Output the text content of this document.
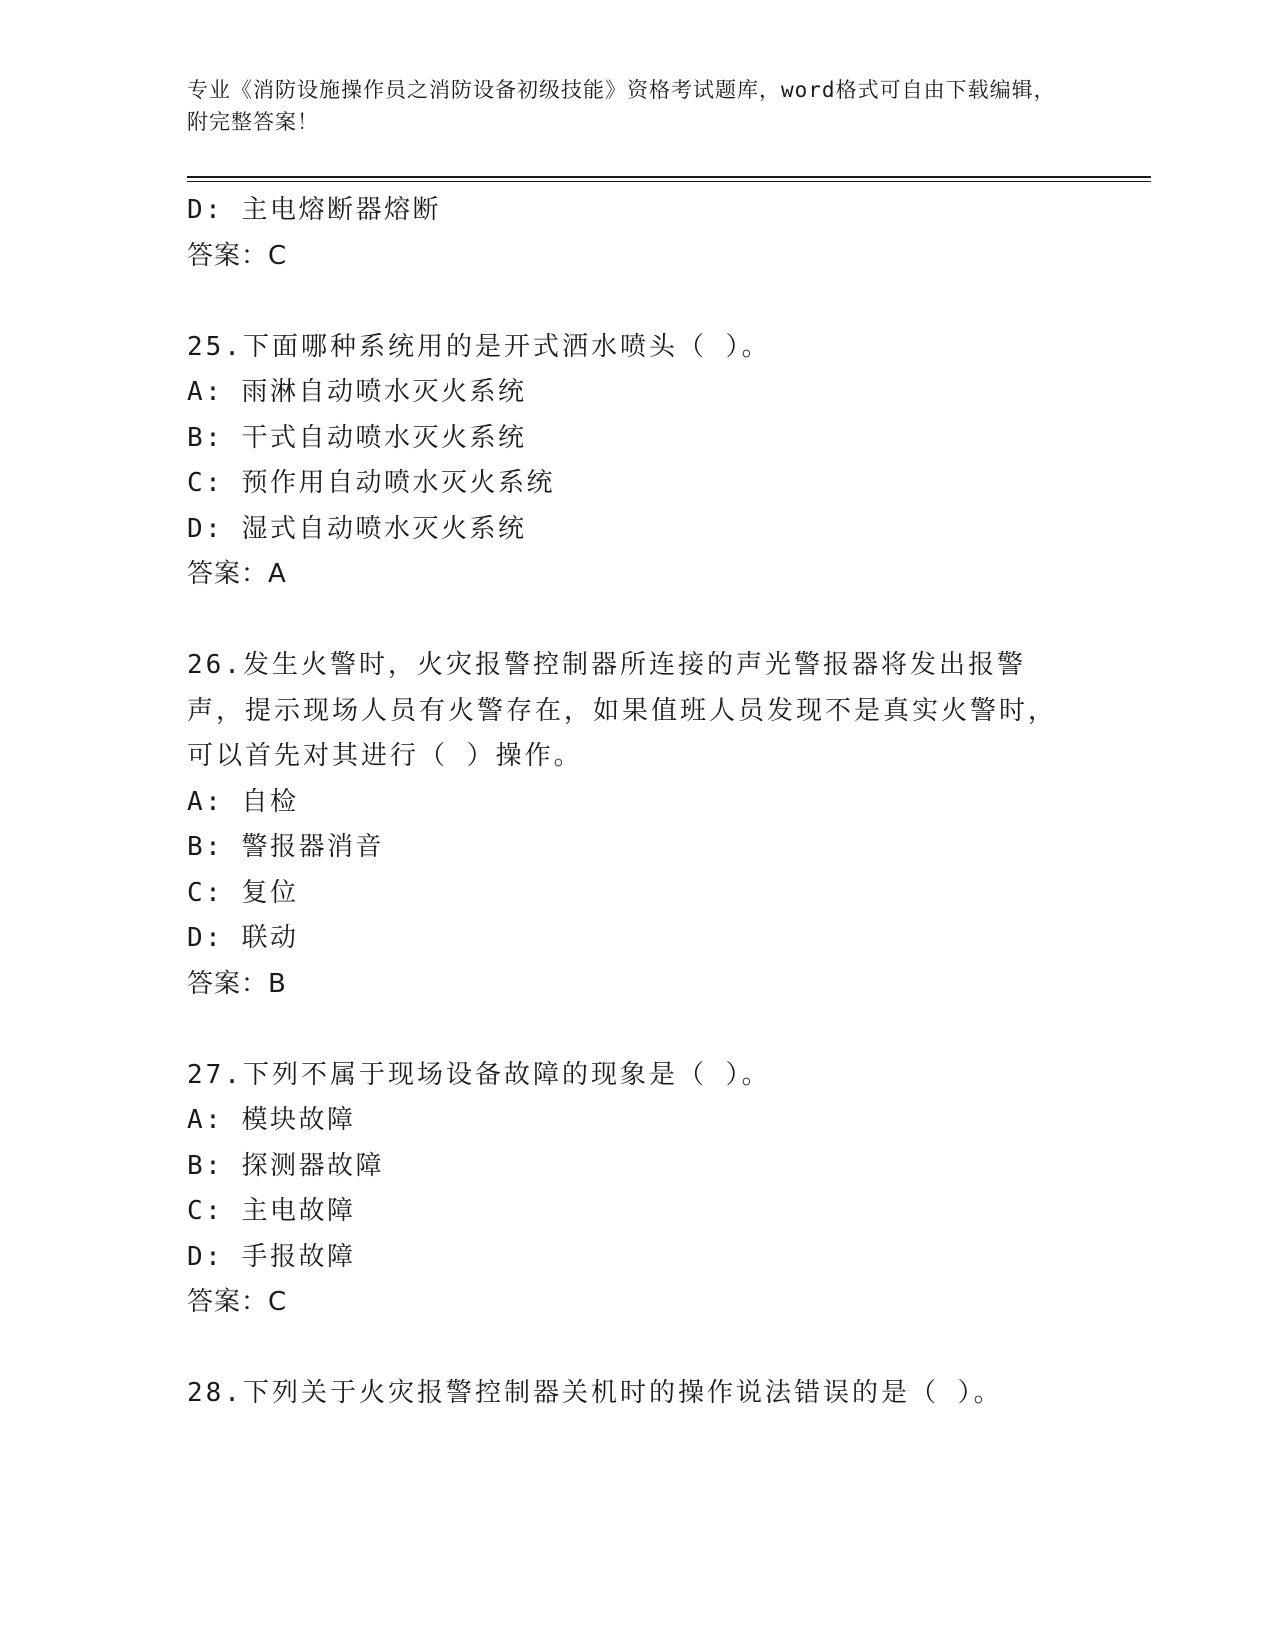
专业《消防设施操作员之消防设备初级技能》资格考试题库，word格式可自由下载编辑，附完整答案！
D: 主电熔断器熔断
答案：C
25.下面哪种系统用的是开式洒水喷头（ ）。
A: 雨淋自动喷水灭火系统
B: 干式自动喷水灭火系统
C: 预作用自动喷水灭火系统
D: 湿式自动喷水灭火系统
答案：A
26.发生火警时，火灾报警控制器所连接的声光警报器将发出报警声，提示现场人员有火警存在，如果值班人员发现不是真实火警时，可以首先对其进行（ ）操作。
A: 自检
B: 警报器消音
C: 复位
D: 联动
答案：B
27.下列不属于现场设备故障的现象是（ ）。
A: 模块故障
B: 探测器故障
C: 主电故障
D: 手报故障
答案：C
28.下列关于火灾报警控制器关机时的操作说法错误的是（ ）。
